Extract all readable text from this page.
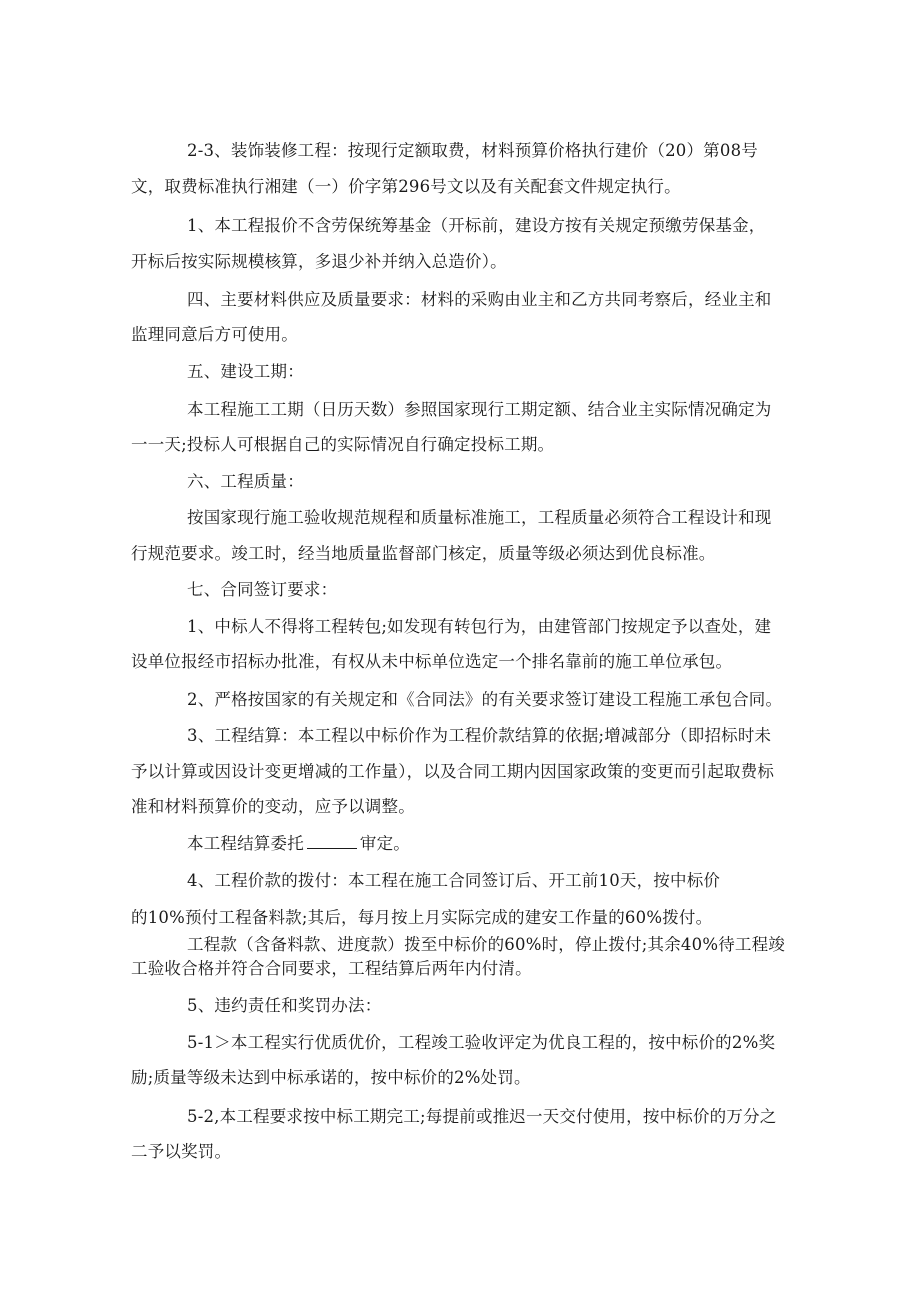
2-3、装饰装修工程：按现行定额取费，材料预算价格执行建价（20）第08号
文，取费标准执行湘建（一）价字第296号文以及有关配套文件规定执行。
1、本工程报价不含劳保统筹基金（开标前，建设方按有关规定预缴劳保基金，
开标后按实际规模核算，多退少补并纳入总造价）。
四、主要材料供应及质量要求：材料的采购由业主和乙方共同考察后，经业主和
监理同意后方可使用。
五、建设工期：
本工程施工工期（日历天数）参照国家现行工期定额、结合业主实际情况确定为
一一天;投标人可根据自己的实际情况自行确定投标工期。
六、工程质量：
按国家现行施工验收规范规程和质量标准施工，工程质量必须符合工程设计和现
行规范要求。竣工时，经当地质量监督部门核定，质量等级必须达到优良标准。
七、合同签订要求：
1、中标人不得将工程转包;如发现有转包行为，由建管部门按规定予以查处，建
设单位报经市招标办批准，有权从未中标单位选定一个排名靠前的施工单位承包。
2、严格按国家的有关规定和《合同法》的有关要求签订建设工程施工承包合同。
3、工程结算：本工程以中标价作为工程价款结算的依据;增减部分（即招标时未
予以计算或因设计变更增减的工作量），以及合同工期内因国家政策的变更而引起取费标
准和材料预算价的变动，应予以调整。
本工程结算委托	审定。
4、工程价款的拨付：本工程在施工合同签订后、开工前10天，按中标价
的10%预付工程备料款;其后，每月按上月实际完成的建安工作量的60%拨付。
工程款（含备料款、进度款）拨至中标价的60%时，停止拨付;其余40%待工程竣
工验收合格并符合合同要求，工程结算后两年内付清。
5、违约责任和奖罚办法：
5-1＞本工程实行优质优价，工程竣工验收评定为优良工程的，按中标价的2%奖
励;质量等级未达到中标承诺的，按中标价的2%处罚。
5-2,本工程要求按中标工期完工;每提前或推迟一天交付使用，按中标价的万分之
二予以奖罚。
